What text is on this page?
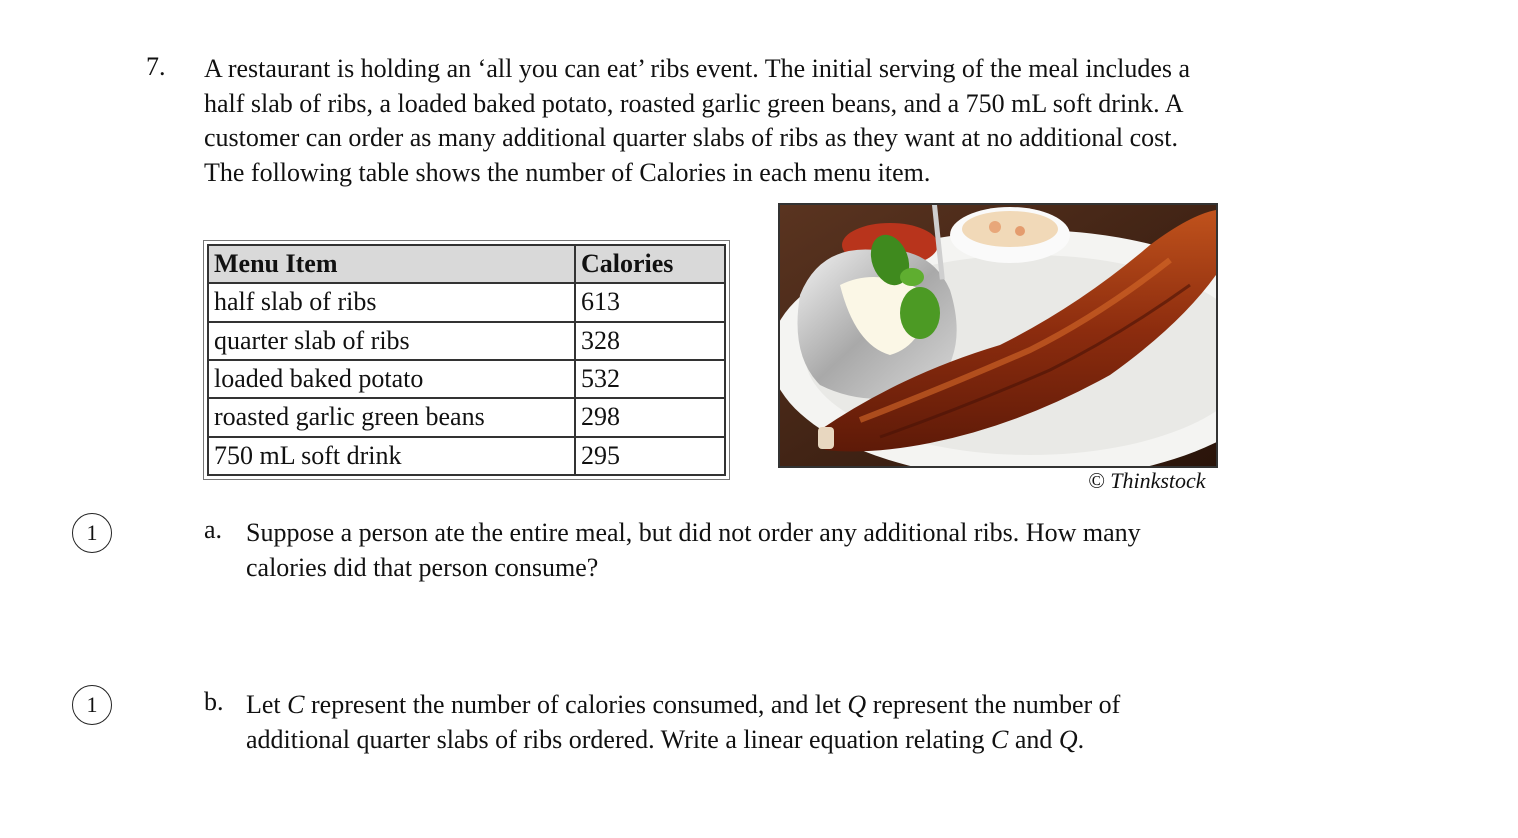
7. A restaurant is holding an ‘all you can eat’ ribs event. The initial serving of the meal includes a
half slab of ribs, a loaded baked potato, roasted garlic green beans, and a 750 mL soft drink. A
customer can order as many additional quarter slabs of ribs as they want at no additional cost.
The following table shows the number of Calories in each menu item.
Menu Item	Calories
half slab of ribs	613
quarter slab of ribs	328
loaded baked potato	532
roasted garlic green beans	298
750 mL soft drink	295
© Thinkstock
1	a. Suppose a person ate the entire meal, but did not order any additional ribs. How many
calories did that person consume?
1	b. Let C represent the number of calories consumed, and let Q represent the number of
additional quarter slabs of ribs ordered. Write a linear equation relating C and Q.
